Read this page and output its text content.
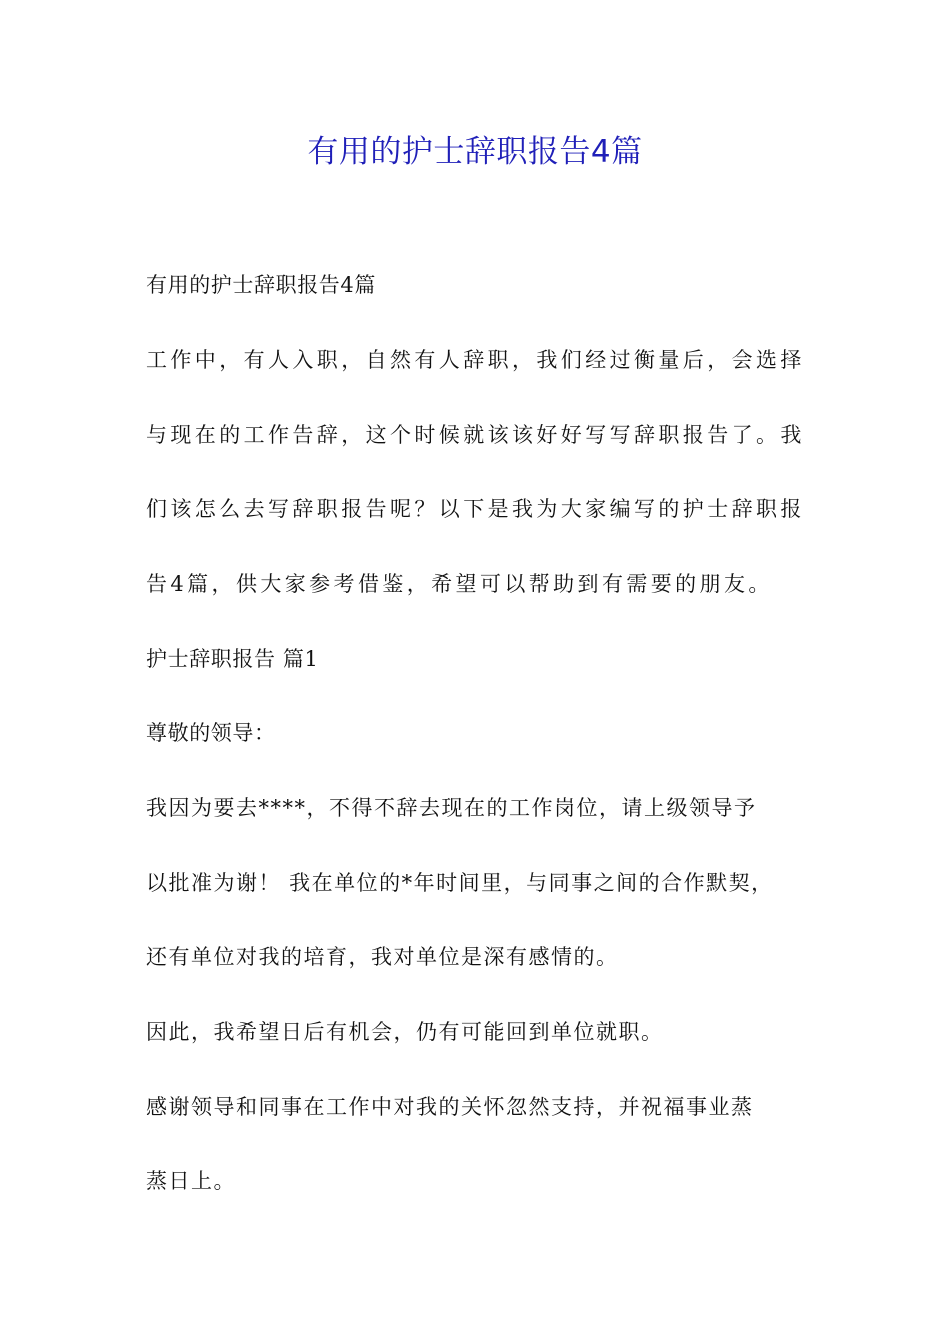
有用的护士辞职报告4篇
有用的护士辞职报告4篇
工作中，有人入职，自然有人辞职，我们经过衡量后，会选择
与现在的工作告辞，这个时候就该该好好写写辞职报告了。我
们该怎么去写辞职报告呢？以下是我为大家编写的护士辞职报
告4篇，供大家参考借鉴，希望可以帮助到有需要的朋友。
护士辞职报告 篇1
尊敬的领导：
我因为要去****，不得不辞去现在的工作岗位，请上级领导予
以批准为谢！ 我在单位的*年时间里，与同事之间的合作默契，
还有单位对我的培育，我对单位是深有感情的。
因此，我希望日后有机会，仍有可能回到单位就职。
感谢领导和同事在工作中对我的关怀忽然支持，并祝福事业蒸
蒸日上。
